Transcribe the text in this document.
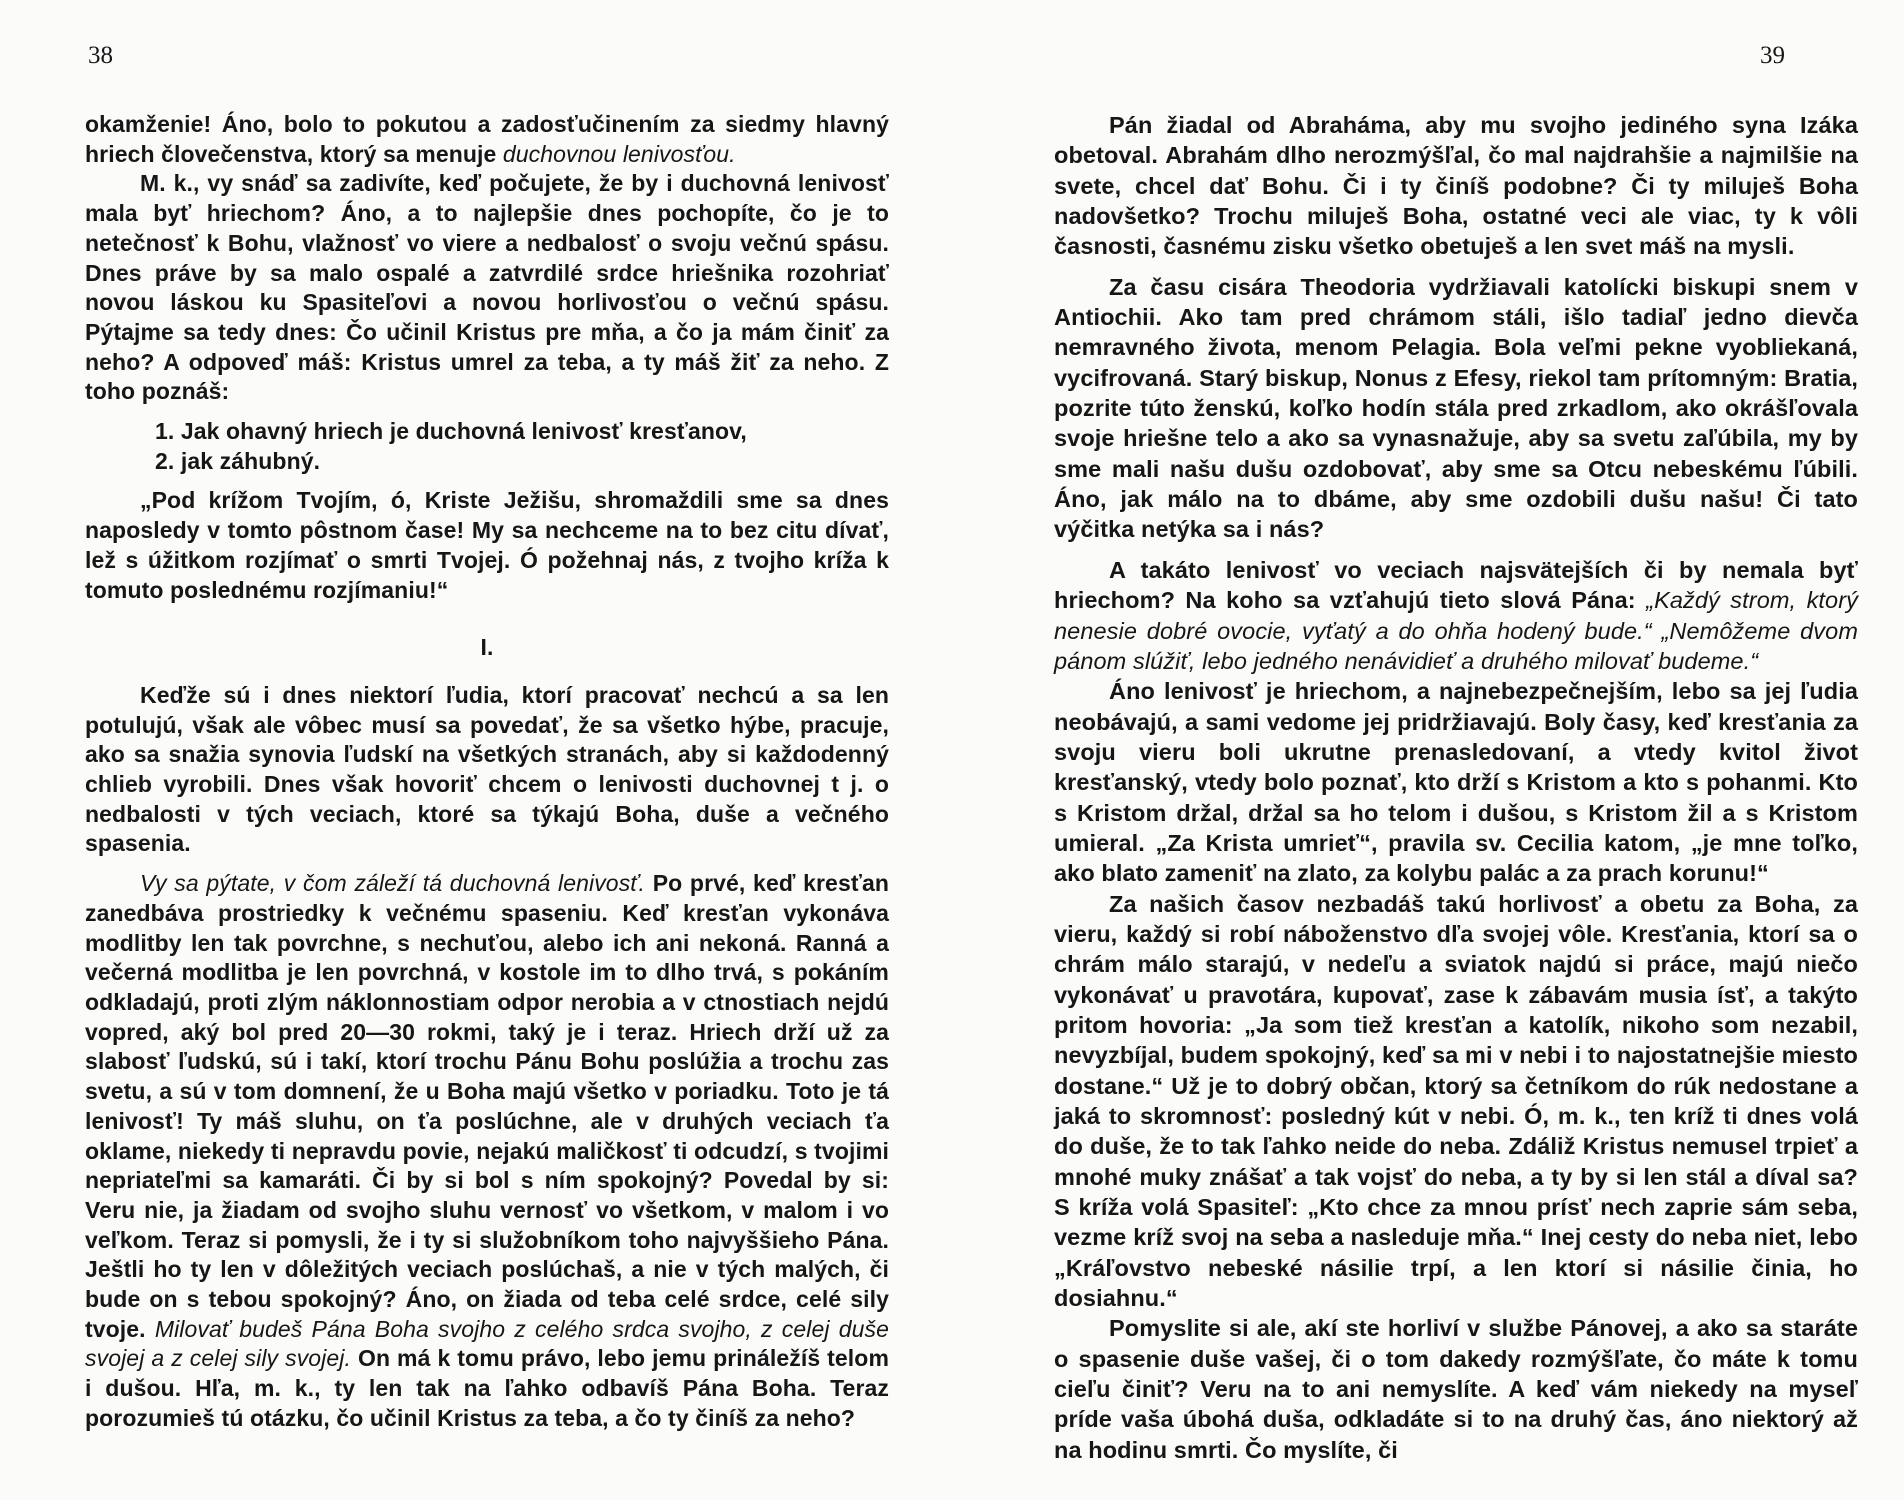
38

okamženie! Áno, bolo to pokutou a zadosťučinením za siedmy hlavný hriech človečenstva, ktorý sa menuje duchovnou lenivosťou.

M. k., vy snáď sa zadivíte, keď počujete, že by i duchovná lenivosť mala byť hriechom? Áno, a to najlepšie dnes pochopíte, čo je to netečnosť k Bohu, vlažnosť vo viere a nedbalosť o svoju večnú spásu. Dnes práve by sa malo ospalé a zatvrdilé srdce hriešnika rozohriať novou láskou ku Spasiteľovi a novou horlivosťou o večnú spásu. Pýtajme sa tedy dnes: Čo učinil Kristus pre mňa, a čo ja mám činiť za neho? A odpoveď máš: Kristus umrel za teba, a ty máš žiť za neho. Z toho poznáš:

1. Jak ohavný hriech je duchovná lenivosť kresťanov,

2. jak záhubný.

„Pod krížom Tvojím, ó, Kriste Ježišu, shromaždili sme sa dnes naposledy v tomto pôstnom čase! My sa nechceme na to bez citu dívať, lež s úžitkom rozjímať o smrti Tvojej. Ó požehnaj nás, z tvojho kríža k tomuto poslednému rozjímaniu!“

I.

Keďže sú i dnes niektorí ľudia, ktorí pracovať nechcú a sa len potulujú, však ale vôbec musí sa povedať, že sa všetko hýbe, pracuje, ako sa snažia synovia ľudskí na všetkých stranách, aby si každodenný chlieb vyrobili. Dnes však hovoriť chcem o lenivosti duchovnej t j. o nedbalosti v tých veciach, ktoré sa týkajú Boha, duše a večného spasenia.

Vy sa pýtate, v čom záleží tá duchovná lenivosť. Po prvé, keď kresťan zanedbáva prostriedky k večnému spaseniu. Keď kresťan vykonáva modlitby len tak povrchne, s nechuťou, alebo ich ani nekoná. Ranná a večerná modlitba je len povrchná, v kostole im to dlho trvá, s pokáním odkladajú, proti zlým náklonnostiam odpor nerobia a v ctnostiach nejdú vopred, aký bol pred 20—30 rokmi, taký je i teraz. Hriech drží už za slabosť ľudskú, sú i takí, ktorí trochu Pánu Bohu poslúžia a trochu zas svetu, a sú v tom domnení, že u Boha majú všetko v poriadku. Toto je tá lenivosť! Ty máš sluhu, on ťa poslúchne, ale v druhých veciach ťa oklame, niekedy ti nepravdu povie, nejakú maličkosť ti odcudzí, s tvojimi nepriateľmi sa kamaráti. Či by si bol s ním spokojný? Povedal by si: Veru nie, ja žiadam od svojho sluhu vernosť vo všetkom, v malom i vo veľkom. Teraz si pomysli, že i ty si služobníkom toho najvyššieho Pána. Ještli ho ty len v dôležitých veciach poslúchaš, a nie v tých malých, či bude on s tebou spokojný? Áno, on žiada od teba celé srdce, celé sily tvoje. Milovať budeš Pána Boha svojho z celého srdca svojho, z celej duše svojej a z celej sily svojej. On má k tomu právo, lebo jemu prináležíš telom i dušou. Hľa, m. k., ty len tak na ľahko odbavíš Pána Boha. Teraz porozumieš tú otázku, čo učinil Kristus za teba, a čo ty činíš za neho?

39

Pán žiadal od Abraháma, aby mu svojho jediného syna Izáka obetoval. Abrahám dlho nerozmýšľal, čo mal najdrahšie a najmilšie na svete, chcel dať Bohu. Či i ty činíš podobne? Či ty miluješ Boha nadovšetko? Trochu miluješ Boha, ostatné veci ale viac, ty k vôli časnosti, časnému zisku všetko obetuješ a len svet máš na mysli.

Za času cisára Theodoria vydržiavali katolícki biskupi snem v Antiochii. Ako tam pred chrámom stáli, išlo tadiaľ jedno dievča nemravného života, menom Pelagia. Bola veľmi pekne vyobliekaná, vycifrovaná. Starý biskup, Nonus z Efesy, riekol tam prítomným: Bratia, pozrite túto ženskú, koľko hodín stála pred zrkadlom, ako okrášľovala svoje hriešne telo a ako sa vynasnažuje, aby sa svetu zaľúbila, my by sme mali našu dušu ozdobovať, aby sme sa Otcu nebeskému ľúbili. Áno, jak málo na to dbáme, aby sme ozdobili dušu našu! Či tato výčitka netýka sa i nás?

A takáto lenivosť vo veciach najsvätejších či by nemala byť hriechom? Na koho sa vzťahujú tieto slová Pána: „Každý strom, ktorý nenesie dobré ovocie, vyťatý a do ohňa hodený bude.“ „Nemôžeme dvom pánom slúžiť, lebo jedného nenávidieť a druhého milovať budeme.“

Áno lenivosť je hriechom, a najnebezpečnejším, lebo sa jej ľudia neobávajú, a sami vedome jej pridržiavajú. Boly časy, keď kresťania za svoju vieru boli ukrutne prenasledovaní, a vtedy kvitol život kresťanský, vtedy bolo poznať, kto drží s Kristom a kto s pohanmi. Kto s Kristom držal, držal sa ho telom i dušou, s Kristom žil a s Kristom umieral. „Za Krista umrieť“, pravila sv. Cecilia katom, „je mne toľko, ako blato zameniť na zlato, za kolybu palác a za prach korunu!“

Za našich časov nezbadáš takú horlivosť a obetu za Boha, za vieru, každý si robí náboženstvo dľa svojej vôle. Kresťania, ktorí sa o chrám málo starajú, v nedeľu a sviatok najdú si práce, majú niečo vykonávať u pravotára, kupovať, zase k zábavám musia ísť, a takýto pritom hovoria: „Ja som tiež kresťan a katolík, nikoho som nezabil, nevyzbíjal, budem spokojný, keď sa mi v nebi i to najostatnejšie miesto dostane.“ Už je to dobrý občan, ktorý sa četníkom do rúk nedostane a jaká to skromnosť: posledný kút v nebi. Ó, m. k., ten kríž ti dnes volá do duše, že to tak ľahko neide do neba. Zdáliž Kristus nemusel trpieť a mnohé muky znášať a tak vojsť do neba, a ty by si len stál a díval sa? S kríža volá Spasiteľ: „Kto chce za mnou prísť nech zaprie sám seba, vezme kríž svoj na seba a nasleduje mňa.“ Inej cesty do neba niet, lebo „Kráľovstvo nebeské násilie trpí, a len ktorí si násilie činia, ho dosiahnu.“

Pomyslite si ale, akí ste horliví v službe Pánovej, a ako sa staráte o spasenie duše vašej, či o tom dakedy rozmýšľate, čo máte k tomu cieľu činiť? Veru na to ani nemyslíte. A keď vám niekedy na myseľ príde vaša úbohá duša, odkladáte si to na druhý čas, áno niektorý až na hodinu smrti. Čo myslíte, či
